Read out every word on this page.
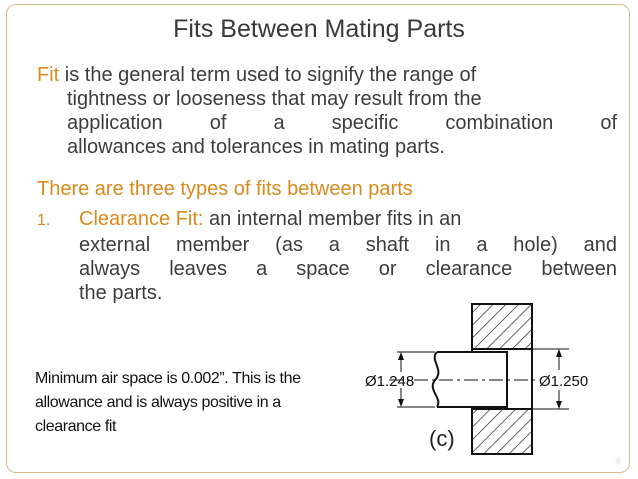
Fits Between Mating Parts
Fit is the general term used to signify the range of
tightness or looseness that may result from the
application of a specific combination of
allowances and tolerances in mating parts.
There are three types of fits between parts
1. Clearance Fit: an internal member fits in an
external member (as a shaft in a hole) and
always leaves a space or clearance between
the parts.
Minimum air space is 0.002”. This is the
allowance and is always positive in a
clearance fit
Ø1.248	Ø1.250
(c)
